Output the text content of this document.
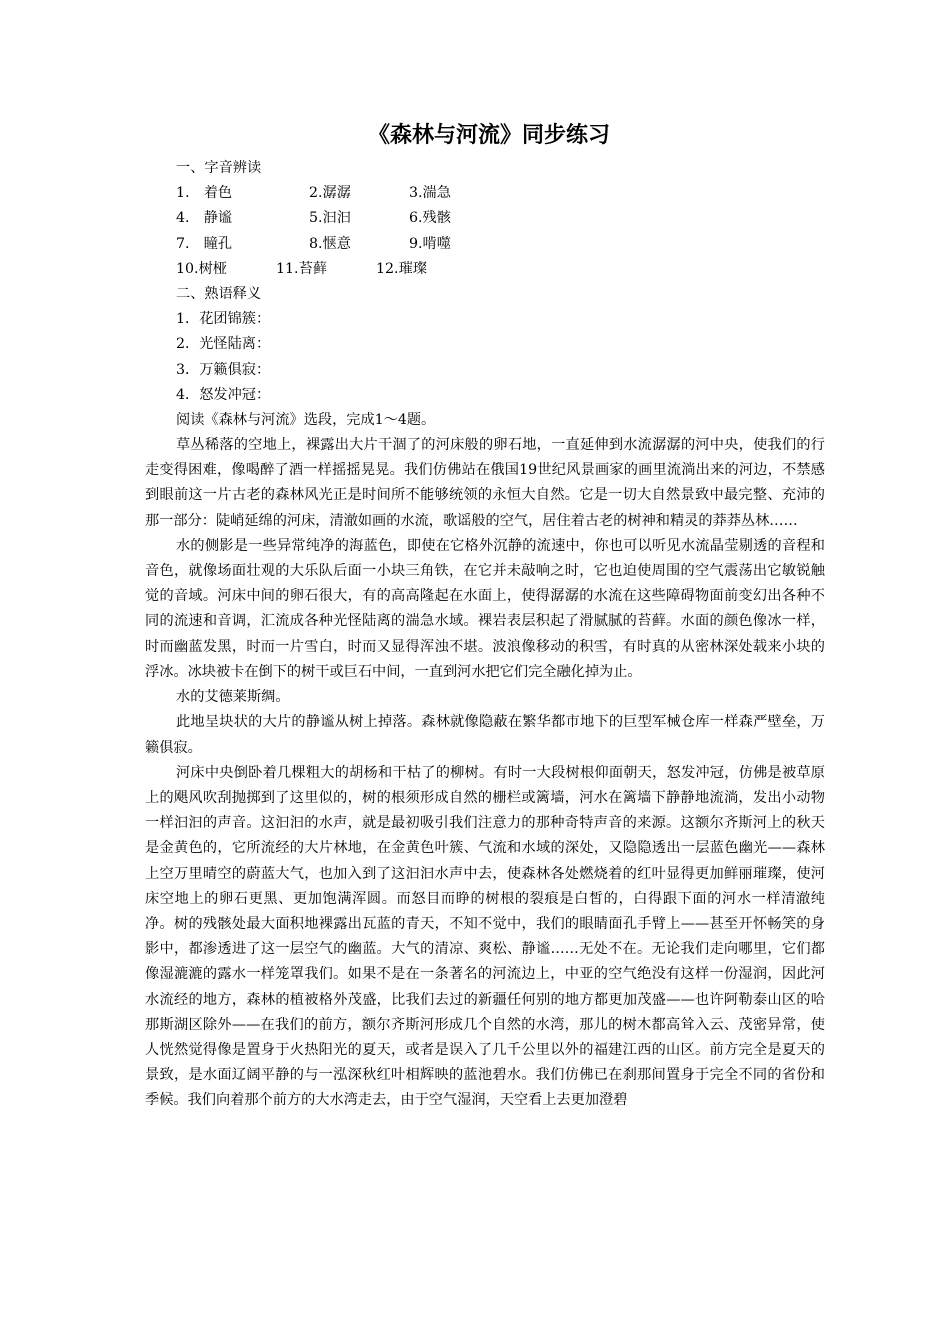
《森林与河流》同步练习
一、字音辨读
1.　着色	2.潺潺	3.湍急
4.　静谧	5.汩汩	6.残骸
7.　瞳孔	8.惬意	9.啃噬
10.树桠	11.苔藓	12.璀璨
二、熟语释义
1．花团锦簇：
2．光怪陆离：
3．万籁俱寂：
4．怒发冲冠：
阅读《森林与河流》选段，完成1～4题。

草丛稀落的空地上，裸露出大片干涸了的河床般的卵石地，一直延伸到水流潺潺的河中央，使我们的行走变得困难，像喝醉了酒一样摇摇晃晃。我们仿佛站在俄国19世纪风景画家的画里流淌出来的河边，不禁感到眼前这一片古老的森林风光正是时间所不能够统领的永恒大自然。它是一切大自然景致中最完整、充沛的那一部分：陡峭延绵的河床，清澈如画的水流，歌谣般的空气，居住着古老的树神和精灵的莽莽丛林……

水的侧影是一些异常纯净的海蓝色，即使在它格外沉静的流速中，你也可以听见水流晶莹剔透的音程和音色，就像场面壮观的大乐队后面一小块三角铁，在它并未敲响之时，它也迫使周围的空气震荡出它敏锐触觉的音域。河床中间的卵石很大，有的高高隆起在水面上，使得潺潺的水流在这些障碍物面前变幻出各种不同的流速和音调，汇流成各种光怪陆离的湍急水域。裸岩表层积起了滑腻腻的苔藓。水面的颜色像冰一样，时而幽蓝发黑，时而一片雪白，时而又显得浑浊不堪。波浪像移动的积雪，有时真的从密林深处载来小块的浮冰。冰块被卡在倒下的树干或巨石中间，一直到河水把它们完全融化掉为止。

水的艾德莱斯绸。

此地呈块状的大片的静谧从树上掉落。森林就像隐蔽在繁华都市地下的巨型军械仓库一样森严壁垒，万籁俱寂。

河床中央倒卧着几棵粗大的胡杨和干枯了的柳树。有时一大段树根仰面朝天，怒发冲冠，仿佛是被草原上的飓风吹刮抛掷到了这里似的，树的根须形成自然的栅栏或篱墙，河水在篱墙下静静地流淌，发出小动物一样汩汩的声音。这汩汩的水声，就是最初吸引我们注意力的那种奇特声音的来源。这额尔齐斯河上的秋天是金黄色的，它所流经的大片林地，在金黄色叶簇、气流和水域的深处，又隐隐透出一层蓝色幽光——森林上空万里晴空的蔚蓝大气，也加入到了这汩汩水声中去，使森林各处燃烧着的红叶显得更加鲜丽璀璨，使河床空地上的卵石更黑、更加饱满浑圆。而怒目而睁的树根的裂痕是白皙的，白得跟下面的河水一样清澈纯净。树的残骸处最大面积地裸露出瓦蓝的青天，不知不觉中，我们的眼睛面孔手臂上——甚至开怀畅笑的身影中，都渗透进了这一层空气的幽蓝。大气的清凉、爽松、静谧……无处不在。无论我们走向哪里，它们都像湿漉漉的露水一样笼罩我们。如果不是在一条著名的河流边上，中亚的空气绝没有这样一份湿润，因此河水流经的地方，森林的植被格外茂盛，比我们去过的新疆任何别的地方都更加茂盛——也许阿勒泰山区的哈那斯湖区除外——在我们的前方，额尔齐斯河形成几个自然的水湾，那儿的树木都高耸入云、茂密异常，使人恍然觉得像是置身于火热阳光的夏天，或者是误入了几千公里以外的福建江西的山区。前方完全是夏天的景致，是水面辽阔平静的与一泓深秋红叶相辉映的蓝池碧水。我们仿佛已在刹那间置身于完全不同的省份和季候。我们向着那个前方的大水湾走去，由于空气湿润，天空看上去更加澄碧
